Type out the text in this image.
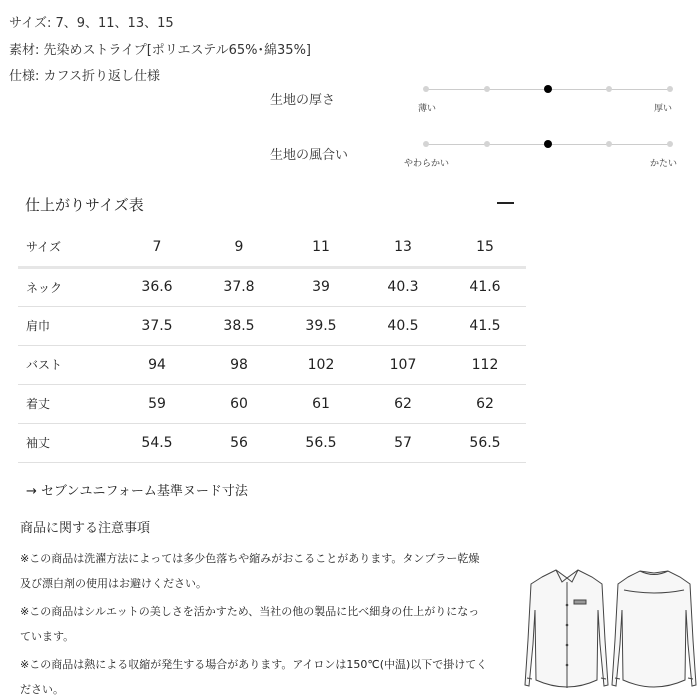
サイズ: 7、9、11、13、15
素材: 先染めストライプ[ポリエステル65%･綿35%]
仕様: カフス折り返し仕様
生地の厚さ
薄い	厚い
生地の風合い
やわらかい	かたい
仕上がりサイズ表
サイズ	7	9	11	13	15
ネック	36.6	37.8	39	40.3	41.6
肩巾	37.5	38.5	39.5	40.5	41.5
バスト	94	98	102	107	112
着丈	59	60	61	62	62
袖丈	54.5	56	56.5	57	56.5
→ セブンユニフォーム基準ヌード寸法
商品に関する注意事項
※この商品は洗濯方法によっては多少色落ちや縮みがおこることがあります。タンブラー乾燥及び漂白剤の使用はお避けください。
※この商品はシルエットの美しさを活かすため、当社の他の製品に比べ細身の仕上がりになっています。
※この商品は熱による収縮が発生する場合があります。アイロンは150℃(中温)以下で掛けてください。
